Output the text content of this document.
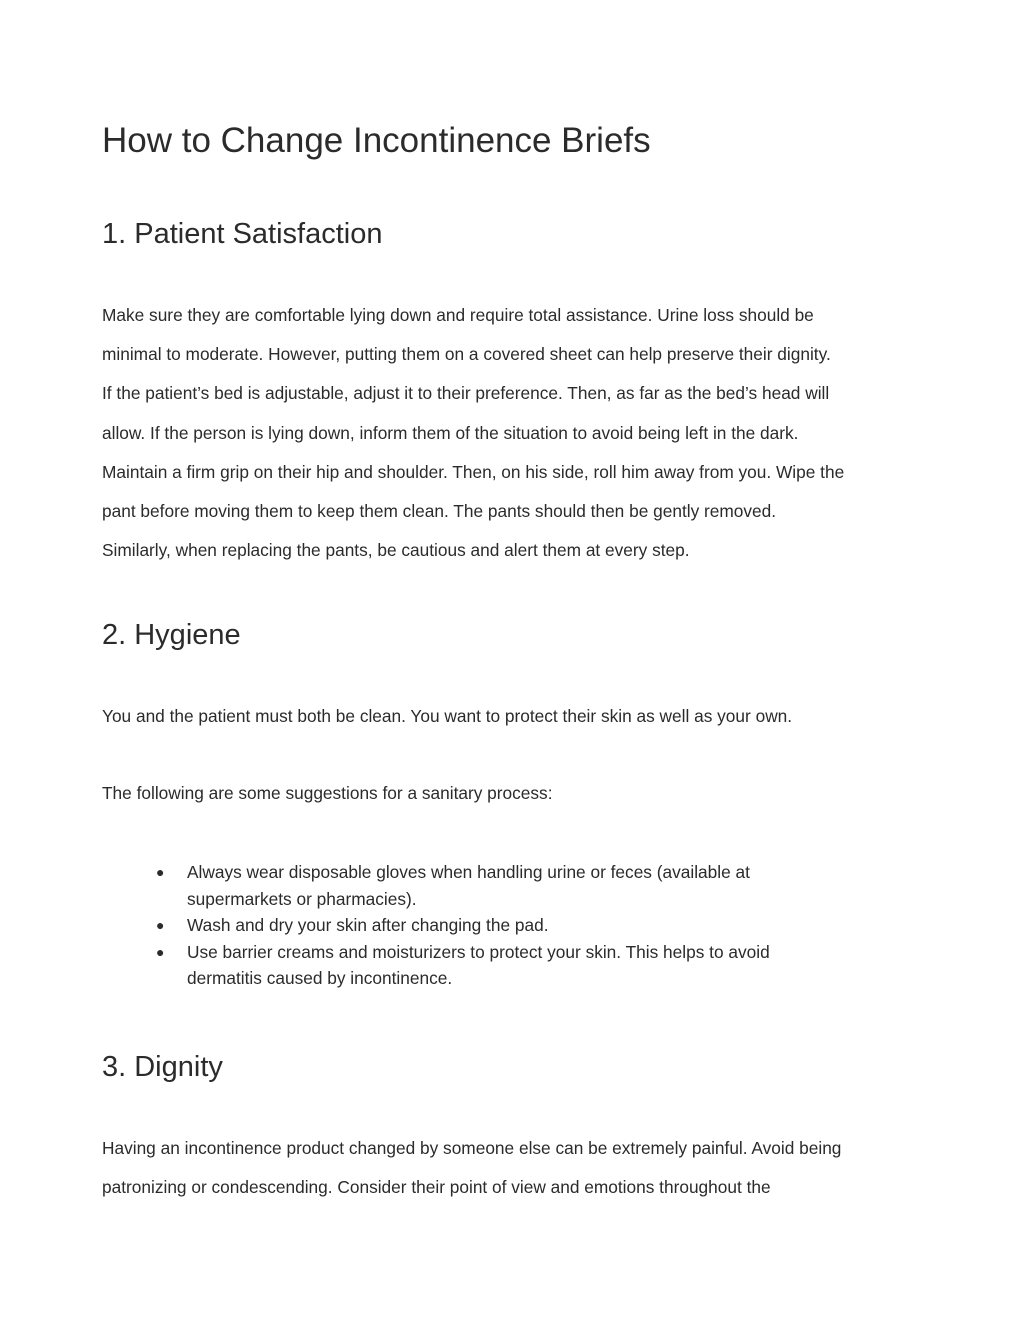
How to Change Incontinence Briefs
1. Patient Satisfaction
Make sure they are comfortable lying down and require total assistance. Urine loss should be
minimal to moderate. However, putting them on a covered sheet can help preserve their dignity.
If the patient’s bed is adjustable, adjust it to their preference. Then, as far as the bed’s head will
allow. If the person is lying down, inform them of the situation to avoid being left in the dark.
Maintain a firm grip on their hip and shoulder. Then, on his side, roll him away from you. Wipe the
pant before moving them to keep them clean. The pants should then be gently removed.
Similarly, when replacing the pants, be cautious and alert them at every step.
2. Hygiene

You and the patient must both be clean. You want to protect their skin as well as your own.

The following are some suggestions for a sanitary process:

● Always wear disposable gloves when handling urine or feces (available at
supermarkets or pharmacies).
● Wash and dry your skin after changing the pad.
● Use barrier creams and moisturizers to protect your skin. This helps to avoid
dermatitis caused by incontinence.
3. Dignity
Having an incontinence product changed by someone else can be extremely painful. Avoid being
patronizing or condescending. Consider their point of view and emotions throughout the
